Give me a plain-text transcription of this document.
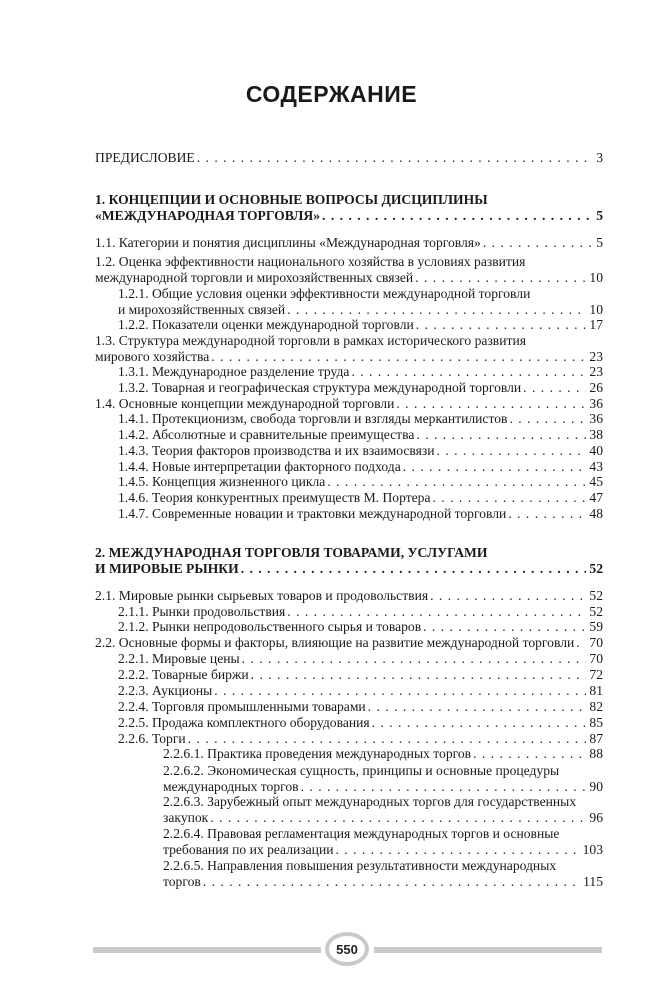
СОДЕРЖАНИЕ
ПРЕДИСЛОВИЕ . . .	3
1. КОНЦЕПЦИИ И ОСНОВНЫЕ ВОПРОСЫ ДИСЦИПЛИНЫ
«МЕЖДУНАРОДНАЯ ТОРГОВЛЯ» . . .	5
1.1. Категории и понятия дисциплины «Международная торговля» . . .	5
1.2. Оценка эффективности национального хозяйства в условиях развития
международной торговли и мирохозяйственных связей . . .	10
1.2.1. Общие условия оценки эффективности международной торговли
и мирохозяйственных связей . . .	10
1.2.2. Показатели оценки международной торговли . . .	17
1.3. Структура международной торговли в рамках исторического развития
мирового хозяйства . . .	23
1.3.1. Международное разделение труда . . .	23
1.3.2. Товарная и географическая структура международной торговли . . .	26
1.4. Основные концепции международной торговли . . .	36
1.4.1. Протекционизм, свобода торговли и взгляды меркантилистов . . .	36
1.4.2. Абсолютные и сравнительные преимущества . . .	38
1.4.3. Теория факторов производства и их взаимосвязи . . .	40
1.4.4. Новые интерпретации факторного подхода . . .	43
1.4.5. Концепция жизненного цикла . . .	45
1.4.6. Теория конкурентных преимуществ М. Портера . . .	47
1.4.7. Современные новации и трактовки международной торговли . . .	48
2. МЕЖДУНАРОДНАЯ ТОРГОВЛЯ ТОВАРАМИ, УСЛУГАМИ
И МИРОВЫЕ РЫНКИ . . .	52
2.1. Мировые рынки сырьевых товаров и продовольствия . . .	52
2.1.1. Рынки продовольствия . . .	52
2.1.2. Рынки непродовольственного сырья и товаров . . .	59
2.2. Основные формы и факторы, влияющие на развитие международной торговли . . . 70
2.2.1. Мировые цены . . .	70
2.2.2. Товарные биржи . . .	72
2.2.3. Аукционы . . .	81
2.2.4. Торговля промышленными товарами . . .	82
2.2.5. Продажа комплектного оборудования . . .	85
2.2.6. Торги . . .	87
2.2.6.1. Практика проведения международных торгов . . .	88
2.2.6.2. Экономическая сущность, принципы и основные процедуры
международных торгов . . .	90
2.2.6.3. Зарубежный опыт международных торгов для государственных
закупок . . .	96
2.2.6.4. Правовая регламентация международных торгов и основные
требования по их реализации . . .	103
2.2.6.5. Направления повышения результативности международных
торгов . . .	115
550
